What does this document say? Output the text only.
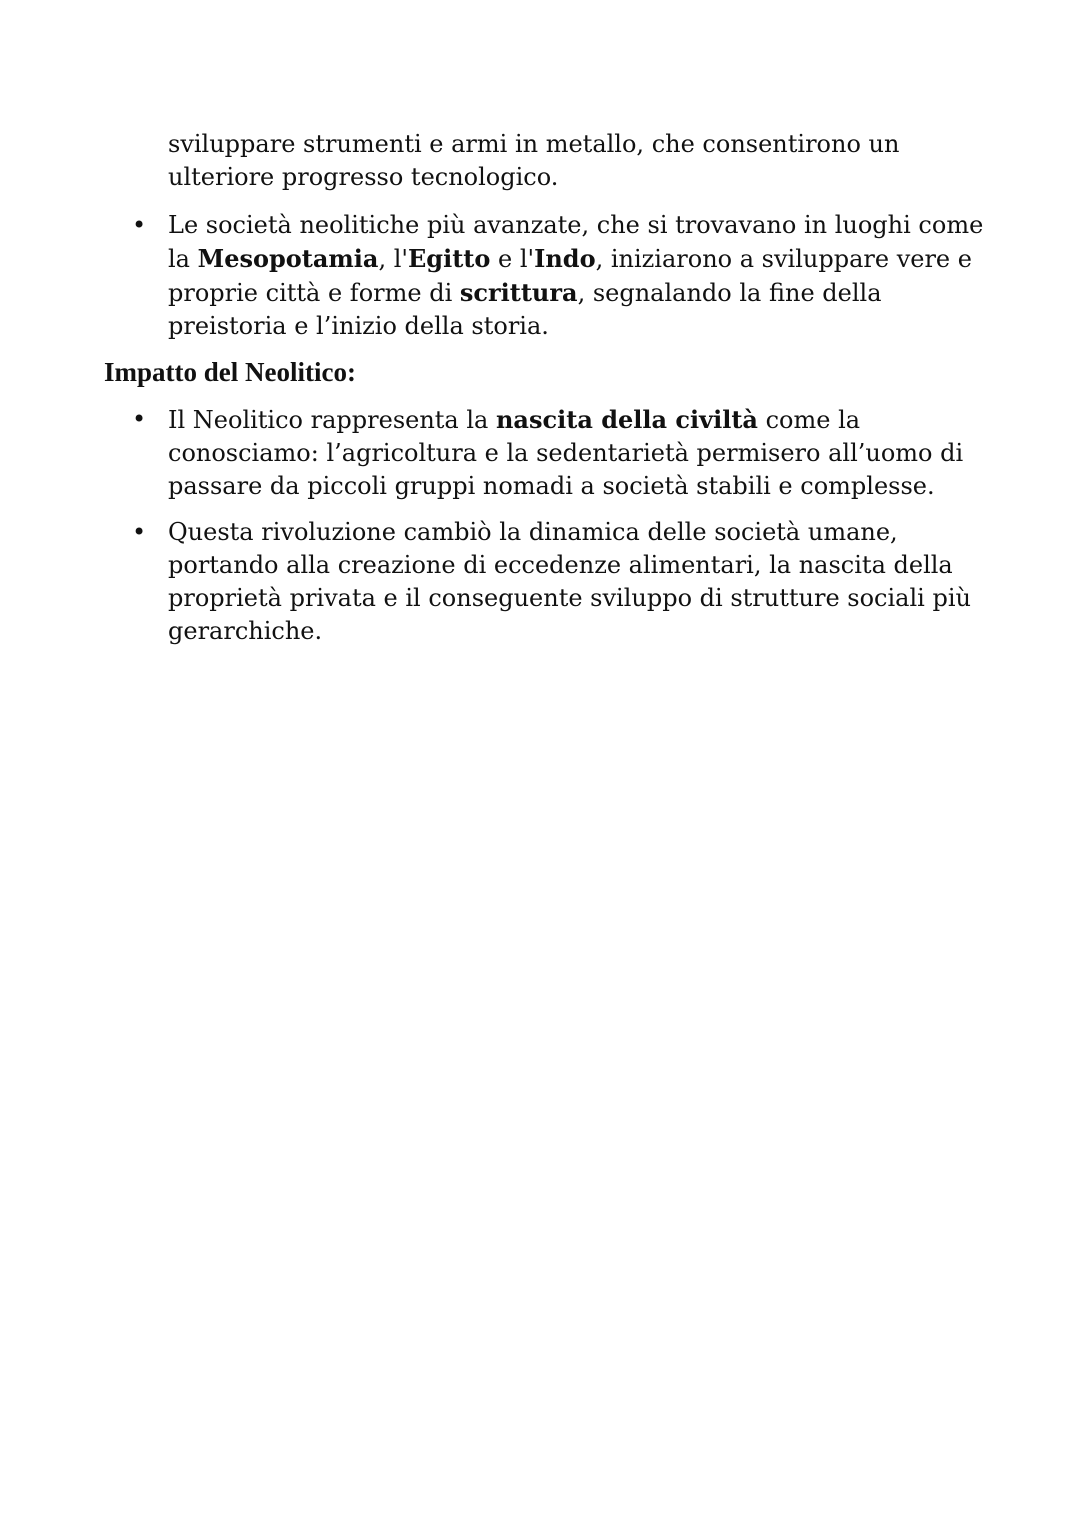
sviluppare strumenti e armi in metallo, che consentirono un ulteriore progresso tecnologico.

• Le società neolitiche più avanzate, che si trovavano in luoghi come la Mesopotamia, l'Egitto e l'Indo, iniziarono a sviluppare vere e proprie città e forme di scrittura, segnalando la fine della preistoria e l’inizio della storia.

Impatto del Neolitico:
• Il Neolitico rappresenta la nascita della civiltà come la conosciamo: l’agricoltura e la sedentarietà permisero all’uomo di passare da piccoli gruppi nomadi a società stabili e complesse.

• Questa rivoluzione cambiò la dinamica delle società umane, portando alla creazione di eccedenze alimentari, la nascita della proprietà privata e il conseguente sviluppo di strutture sociali più gerarchiche.
